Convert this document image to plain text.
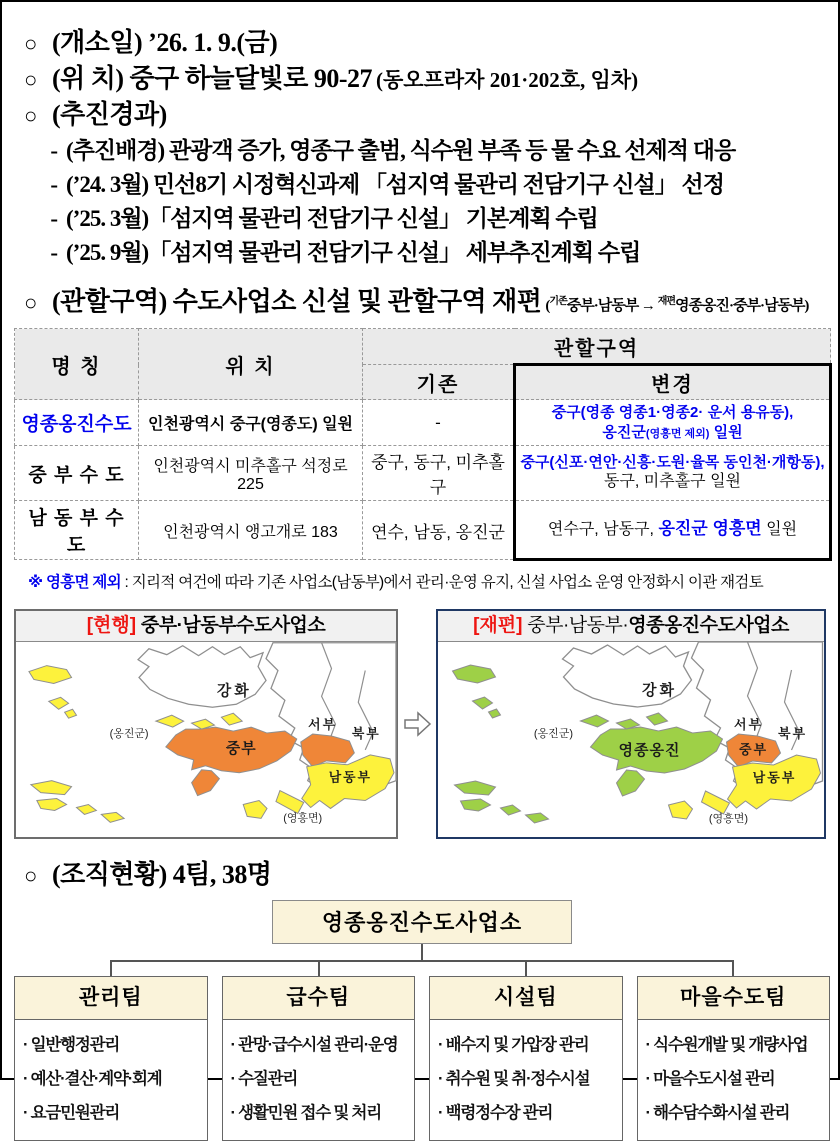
○ (개소일) ’26. 1. 9.(금)
○ (위 치) 중구 하늘달빛로 90-27 (동오프라자 201·202호, 임차)
○ (추진경과)
- (추진배경) 관광객 증가, 영종구 출범, 식수원 부족 등 물 수요 선제적 대응
- (’24. 3월) 민선8기 시정혁신과제 「섬지역 물관리 전담기구 신설」 선정
- (’25. 3월)「섬지역 물관리 전담기구 신설」 기본계획 수립
- (’25. 9월)「섬지역 물관리 전담기구 신설」 세부추진계획 수립
○ (관할구역) 수도사업소 신설 및 관할구역 재편 ($^{기존}$중부·남동부 → $^{재편}$영종옹진·중부·남동부)
명 칭	위 치	관할구역	
		기존	변경
영종옹진수도	인천광역시 중구(영종도) 일원	-	중구(영종 영종1·영종2· 운서 용유동),
옹진군(영흥면 제외) 일원
중 부 수 도	인천광역시 미추홀구 석정로 225	중구, 동구, 미추홀구	중구(신포·연안·신흥·도원·율목 동인천·개항동),
동구, 미추홀구 일원
남 동 부 수 도	인천광역시 앵고개로 183	연수, 남동, 옹진군	연수구, 남동구, 옹진군 영흥면 일원
※ 영흥면 제외 : 지리적 여건에 따라 기존 사업소(남동부)에서 관리·운영 유지, 신설 사업소 운영 안정화시 이관 재검토
[현행] 중부·남동부수도사업소
강화
서부
북부
중부
남동부
(옹진군)
(영흥면)
[재편] 중부·남동부·영종옹진수도사업소
강화
서부
북부
영종옹진	중부
남동부
(옹진군)
(영흥면)
○ (조직현황) 4팀, 38명
영종옹진수도사업소
관리팀
· 일반행정관리
· 예산·결산·계약·회계
· 요금민원관리
급수팀
· 관망·급수시설 관리·운영
· 수질관리
· 생활민원 접수 및 처리
시설팀
· 배수지 및 가압장 관리
· 취수원 및 취·정수시설
· 백령정수장 관리
마을수도팀
· 식수원개발 및 개량사업
· 마을수도시설 관리
· 해수담수화시설 관리
